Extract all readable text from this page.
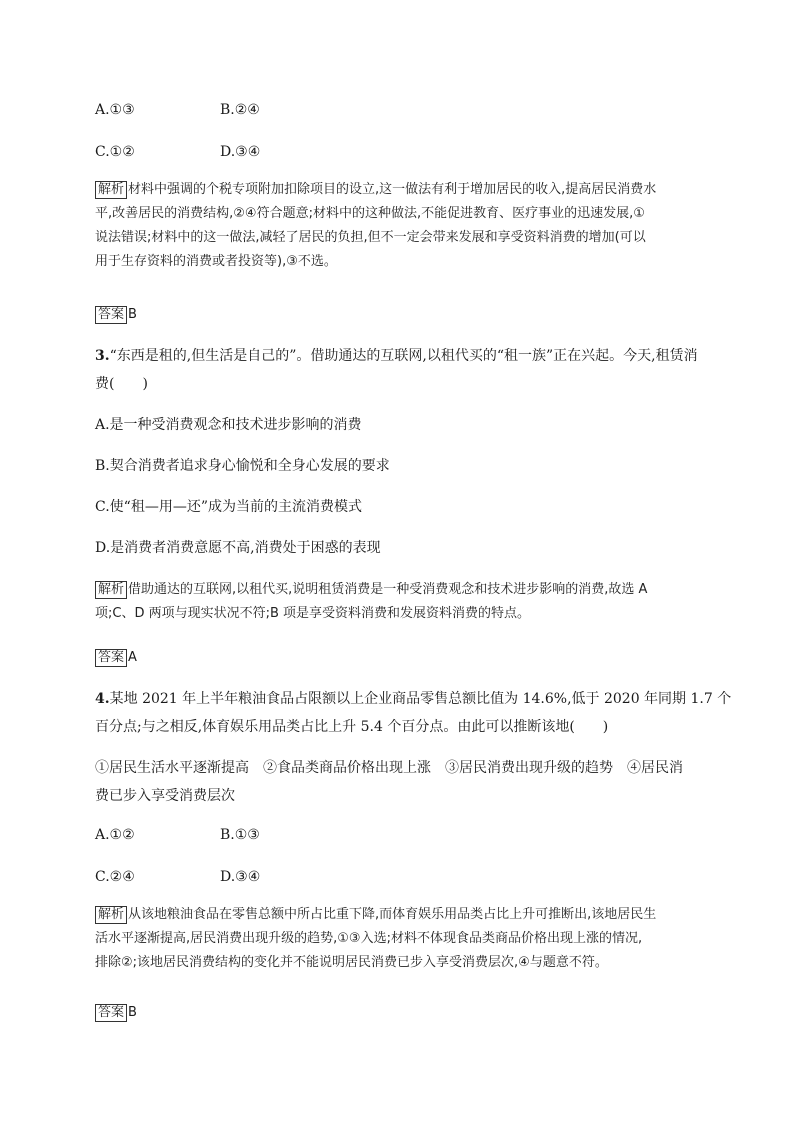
A.①③	B.②④
C.①②	D.③④
解析 材料中强调的个税专项附加扣除项目的设立,这一做法有利于增加居民的收入,提高居民消费水
平,改善居民的消费结构,②④符合题意;材料中的这种做法,不能促进教育、医疗事业的迅速发展,①
说法错误;材料中的这一做法,减轻了居民的负担,但不一定会带来发展和享受资料消费的增加(可以
用于生存资料的消费或者投资等),③不选。
答案 B
3.“东西是租的,但生活是自己的”。借助通达的互联网,以租代买的“租一族”正在兴起。今天,租赁消
费(　　)
A.是一种受消费观念和技术进步影响的消费
B.契合消费者追求身心愉悦和全身心发展的要求
C.使“租—用—还”成为当前的主流消费模式
D.是消费者消费意愿不高,消费处于困惑的表现
解析 借助通达的互联网,以租代买,说明租赁消费是一种受消费观念和技术进步影响的消费,故选 A
项;C、D 两项与现实状况不符;B 项是享受资料消费和发展资料消费的特点。
答案 A
4.某地 2021 年上半年粮油食品占限额以上企业商品零售总额比值为 14.6%,低于 2020 年同期 1.7 个
百分点;与之相反,体育娱乐用品类占比上升 5.4 个百分点。由此可以推断该地(　　)
①居民生活水平逐渐提高　②食品类商品价格出现上涨　③居民消费出现升级的趋势　④居民消
费已步入享受消费层次
A.①②	B.①③
C.②④	D.③④
解析 从该地粮油食品在零售总额中所占比重下降,而体育娱乐用品类占比上升可推断出,该地居民生
活水平逐渐提高,居民消费出现升级的趋势,①③入选;材料不体现食品类商品价格出现上涨的情况,
排除②;该地居民消费结构的变化并不能说明居民消费已步入享受消费层次,④与题意不符。
答案 B
